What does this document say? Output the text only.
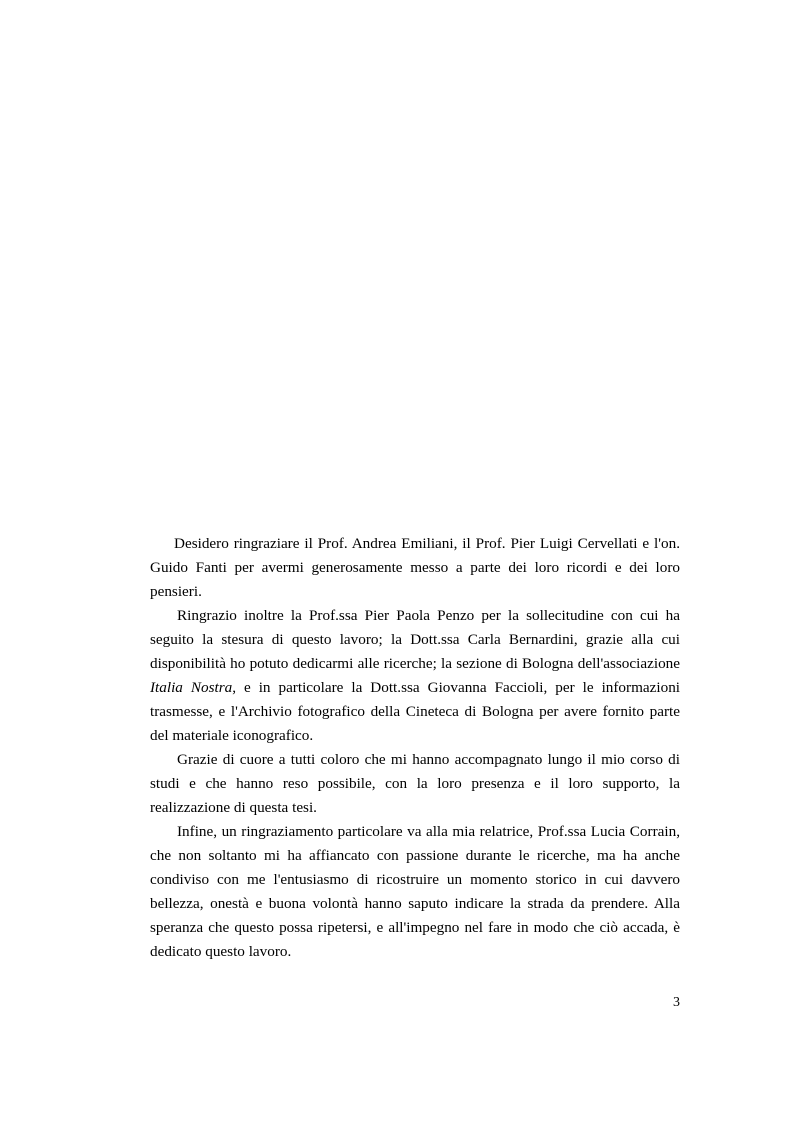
Desidero ringraziare il Prof. Andrea Emiliani, il Prof. Pier Luigi Cervellati e l'on. Guido Fanti per avermi generosamente messo a parte dei loro ricordi e dei loro pensieri.

Ringrazio inoltre la Prof.ssa Pier Paola Penzo per la sollecitudine con cui ha seguito la stesura di questo lavoro; la Dott.ssa Carla Bernardini, grazie alla cui disponibilità ho potuto dedicarmi alle ricerche; la sezione di Bologna dell'associazione Italia Nostra, e in particolare la Dott.ssa Giovanna Faccioli, per le informazioni trasmesse, e l'Archivio fotografico della Cineteca di Bologna per avere fornito parte del materiale iconografico.

Grazie di cuore a tutti coloro che mi hanno accompagnato lungo il mio corso di studi e che hanno reso possibile, con la loro presenza e il loro supporto, la realizzazione di questa tesi.

Infine, un ringraziamento particolare va alla mia relatrice, Prof.ssa Lucia Corrain, che non soltanto mi ha affiancato con passione durante le ricerche, ma ha anche condiviso con me l'entusiasmo di ricostruire un momento storico in cui davvero bellezza, onestà e buona volontà hanno saputo indicare la strada da prendere. Alla speranza che questo possa ripetersi, e all'impegno nel fare in modo che ciò accada, è dedicato questo lavoro.

3
